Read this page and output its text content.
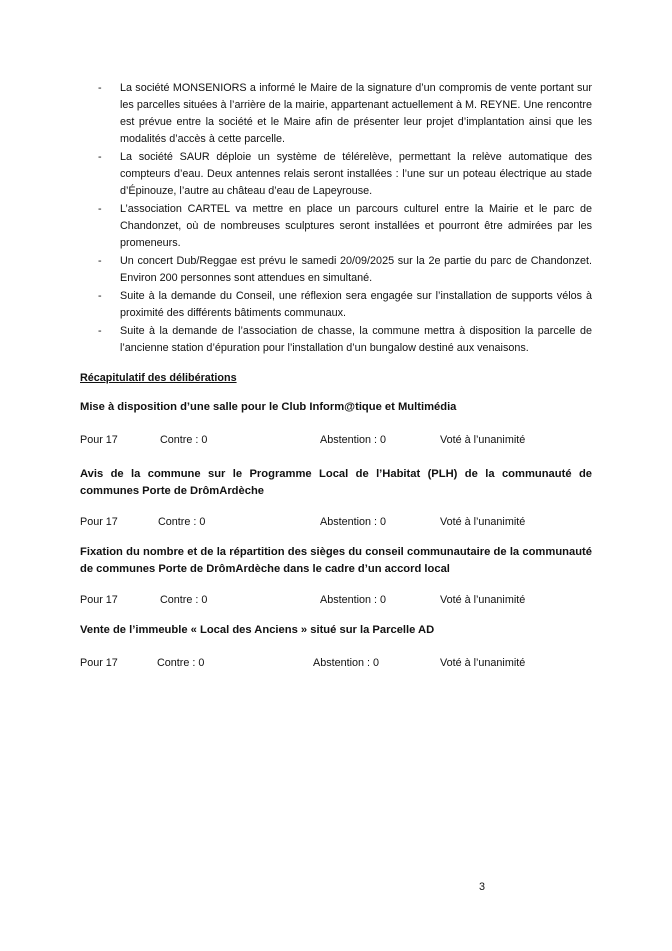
- La société MONSENIORS a informé le Maire de la signature d’un compromis de vente portant sur les parcelles situées à l’arrière de la mairie, appartenant actuellement à M. REYNE. Une rencontre est prévue entre la société et le Maire afin de présenter leur projet d’implantation ainsi que les modalités d’accès à cette parcelle.
- La société SAUR déploie un système de télérelève, permettant la relève automatique des compteurs d’eau. Deux antennes relais seront installées : l’une sur un poteau électrique au stade d’Épinouze, l’autre au château d’eau de Lapeyrouse.
- L’association CARTEL va mettre en place un parcours culturel entre la Mairie et le parc de Chandonzet, où de nombreuses sculptures seront installées et pourront être admirées par les promeneurs.
- Un concert Dub/Reggae est prévu le samedi 20/09/2025 sur la 2e partie du parc de Chandonzet. Environ 200 personnes sont attendues en simultané.
- Suite à la demande du Conseil, une réflexion sera engagée sur l’installation de supports vélos à proximité des différents bâtiments communaux.
- Suite à la demande de l’association de chasse, la commune mettra à disposition la parcelle de l’ancienne station d’épuration pour l’installation d’un bungalow destiné aux venaisons.
Récapitulatif des délibérations
Mise à disposition d’une salle pour le Club Inform@tique et Multimédia
Pour 17	Contre : 0	Abstention : 0	Voté à l’unanimité
Avis de la commune sur le Programme Local de l’Habitat (PLH) de la communauté de communes Porte de DrômArdèche
Pour 17	Contre : 0	Abstention : 0	Voté à l’unanimité
Fixation du nombre et de la répartition des sièges du conseil communautaire de la communauté de communes Porte de DrômArdèche dans le cadre d’un accord local
Pour 17	Contre : 0	Abstention : 0	Voté à l’unanimité
Vente de l’immeuble « Local des Anciens » situé sur la Parcelle AD
Pour 17	Contre : 0	Abstention : 0	Voté à l’unanimité
3
